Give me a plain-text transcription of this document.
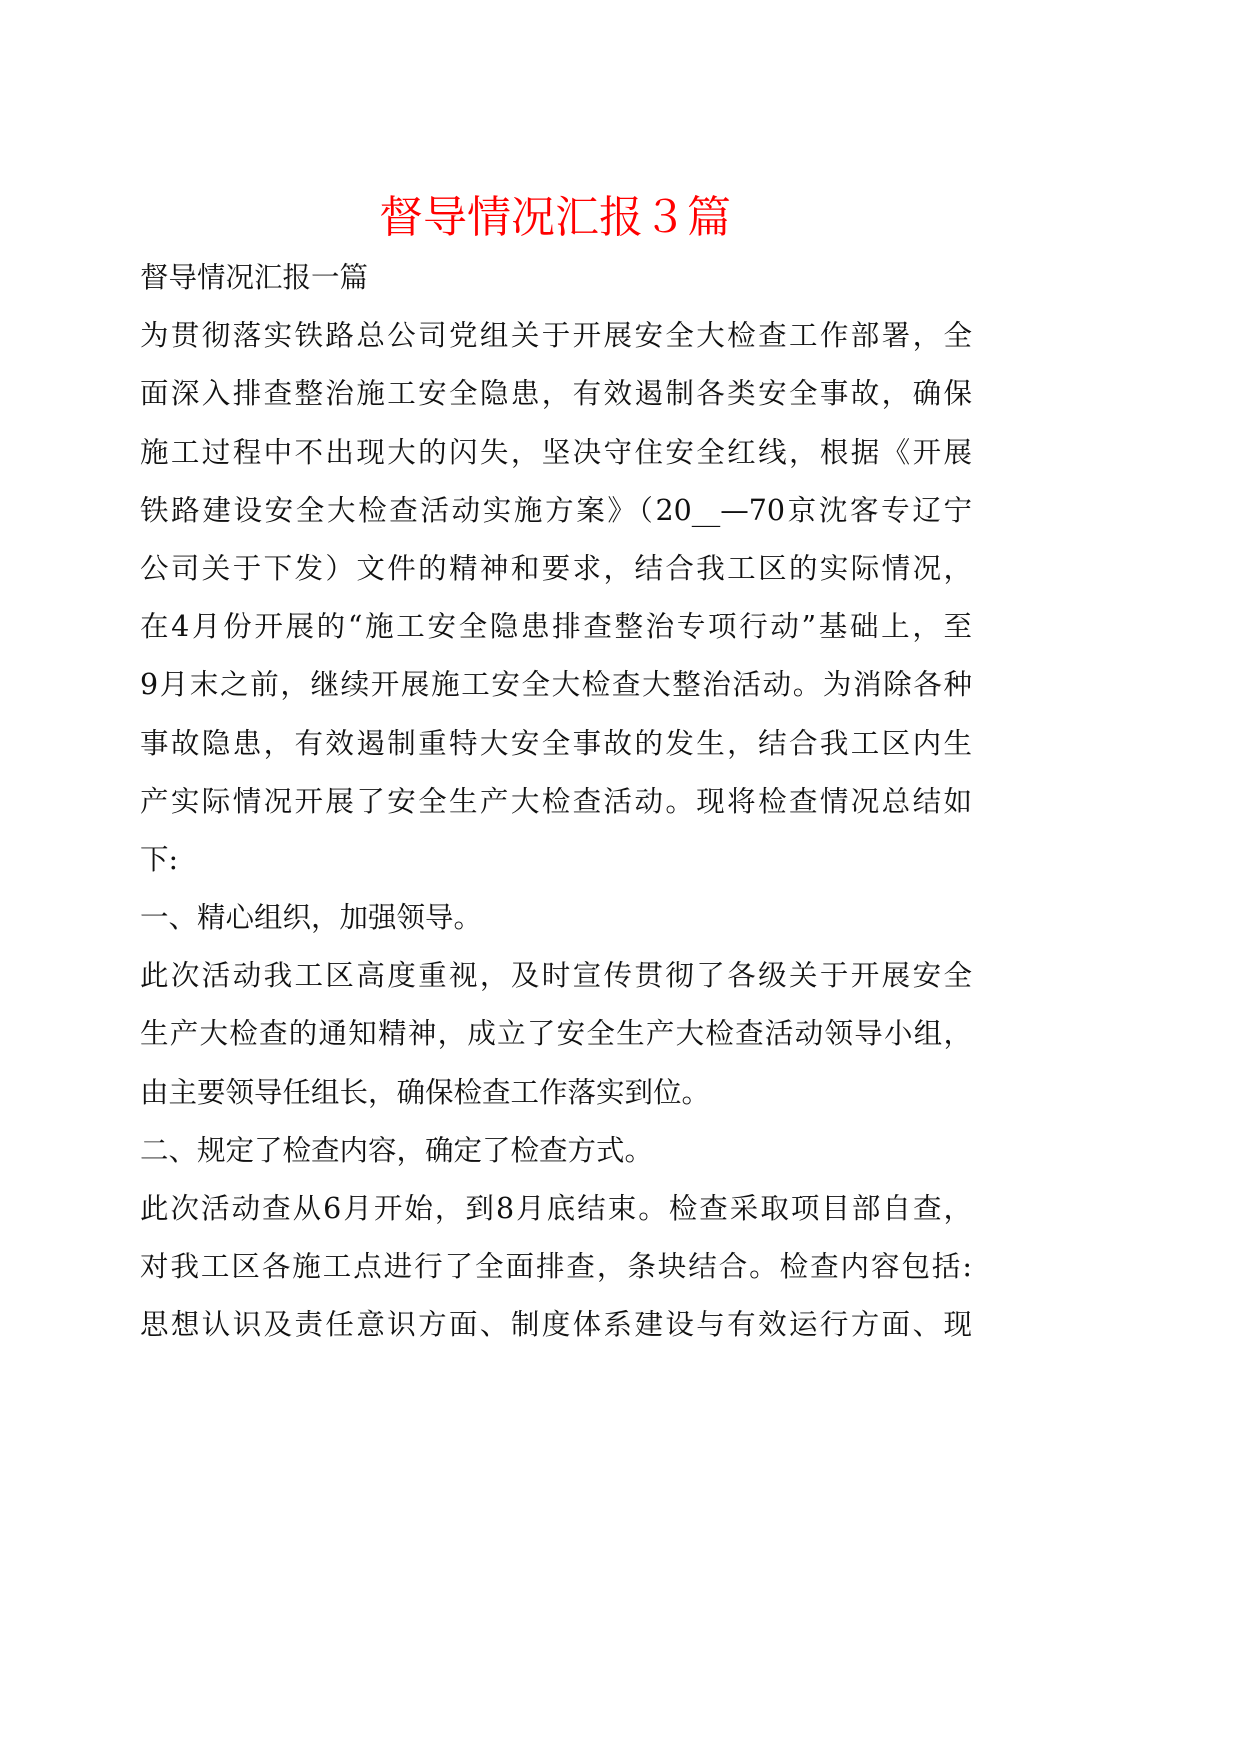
督导情况汇报３篇
督导情况汇报一篇
为贯彻落实铁路总公司党组关于开展安全大检查工作部署，全
面深入排查整治施工安全隐患，有效遏制各类安全事故，确保
施工过程中不出现大的闪失，坚决守住安全红线，根据《开展
铁路建设安全大检查活动实施方案》（20__—70京沈客专辽宁
公司关于下发）文件的精神和要求，结合我工区的实际情况，
在4月份开展的“施工安全隐患排查整治专项行动”基础上，至
9月末之前，继续开展施工安全大检查大整治活动。为消除各种
事故隐患，有效遏制重特大安全事故的发生，结合我工区内生
产实际情况开展了安全生产大检查活动。现将检查情况总结如
下:
一、精心组织，加强领导。
此次活动我工区高度重视，及时宣传贯彻了各级关于开展安全
生产大检查的通知精神，成立了安全生产大检查活动领导小组，
由主要领导任组长，确保检查工作落实到位。
二、规定了检查内容，确定了检查方式。
此次活动查从6月开始，到8月底结束。检查采取项目部自查，
对我工区各施工点进行了全面排查，条块结合。检查内容包括:
思想认识及责任意识方面、制度体系建设与有效运行方面、现
